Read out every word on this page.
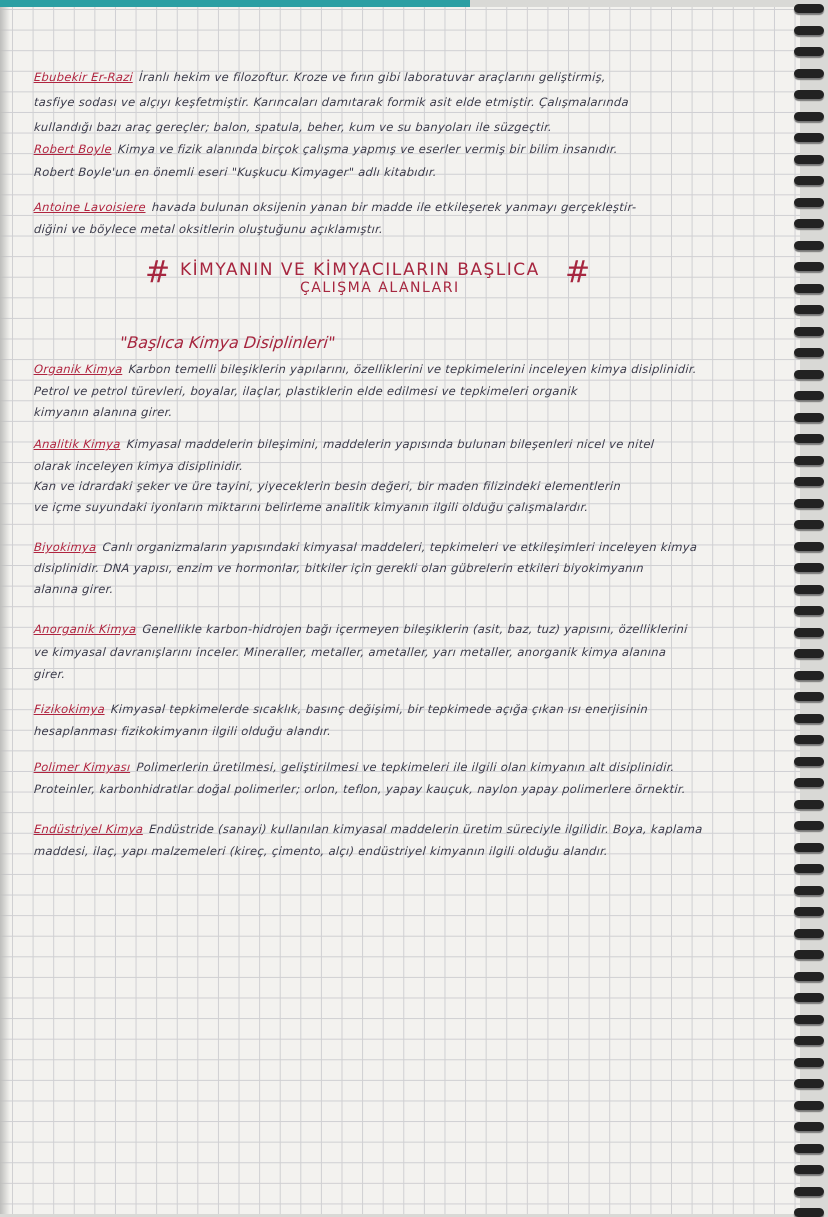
# KİMYANIN VE KİMYACILARIN BAŞLICA
ÇALIŞMA ALANLARI	#
"Başlıca Kimya Disiplinleri"
Ebubekir Er-Razi İranlı hekim ve filozoftur. Kroze ve fırın gibi laboratuvar araçlarını geliştirmiş,
tasfiye sodası ve alçıyı keşfetmiştir. Karıncaları damıtarak formik asit elde etmiştir. Çalışmalarında
kullandığı bazı araç gereçler; balon, spatula, beher, kum ve su banyoları ile süzgeçtir.
Robert Boyle Kimya ve fizik alanında birçok çalışma yapmış ve eserler vermiş bir bilim insanıdır.
Robert Boyle'un en önemli eseri "Kuşkucu Kimyager" adlı kitabıdır.
Antoine Lavoisiere havada bulunan oksijenin yanan bir madde ile etkileşerek yanmayı gerçekleştir-
diğini ve böylece metal oksitlerin oluştuğunu açıklamıştır.
Organik Kimya Karbon temelli bileşiklerin yapılarını, özelliklerini ve tepkimelerini inceleyen kimya disiplinidir.
Petrol ve petrol türevleri, boyalar, ilaçlar, plastiklerin elde edilmesi ve tepkimeleri organik
kimyanın alanına girer.
Analitik Kimya Kimyasal maddelerin bileşimini, maddelerin yapısında bulunan bileşenleri nicel ve nitel
olarak inceleyen kimya disiplinidir.
Kan ve idrardaki şeker ve üre tayini, yiyeceklerin besin değeri, bir maden filizindeki elementlerin
ve içme suyundaki iyonların miktarını belirleme analitik kimyanın ilgili olduğu çalışmalardır.
Biyokimya Canlı organizmaların yapısındaki kimyasal maddeleri, tepkimeleri ve etkileşimleri inceleyen kimya
disiplinidir. DNA yapısı, enzim ve hormonlar, bitkiler için gerekli olan gübrelerin etkileri biyokimyanın
alanına girer.
Anorganik Kimya Genellikle karbon-hidrojen bağı içermeyen bileşiklerin (asit, baz, tuz) yapısını, özelliklerini
ve kimyasal davranışlarını inceler. Mineraller, metaller, ametaller, yarı metaller, anorganik kimya alanına
girer.
Fizikokimya Kimyasal tepkimelerde sıcaklık, basınç değişimi, bir tepkimede açığa çıkan ısı enerjisinin
hesaplanması fizikokimyanın ilgili olduğu alandır.
Polimer Kimyası Polimerlerin üretilmesi, geliştirilmesi ve tepkimeleri ile ilgili olan kimyanın alt disiplinidir.
Proteinler, karbonhidratlar doğal polimerler; orlon, teflon, yapay kauçuk, naylon yapay polimerlere örnektir.
Endüstriyel Kimya Endüstride (sanayi) kullanılan kimyasal maddelerin üretim süreciyle ilgilidir. Boya, kaplama
maddesi, ilaç, yapı malzemeleri (kireç, çimento, alçı) endüstriyel kimyanın ilgili olduğu alandır.
